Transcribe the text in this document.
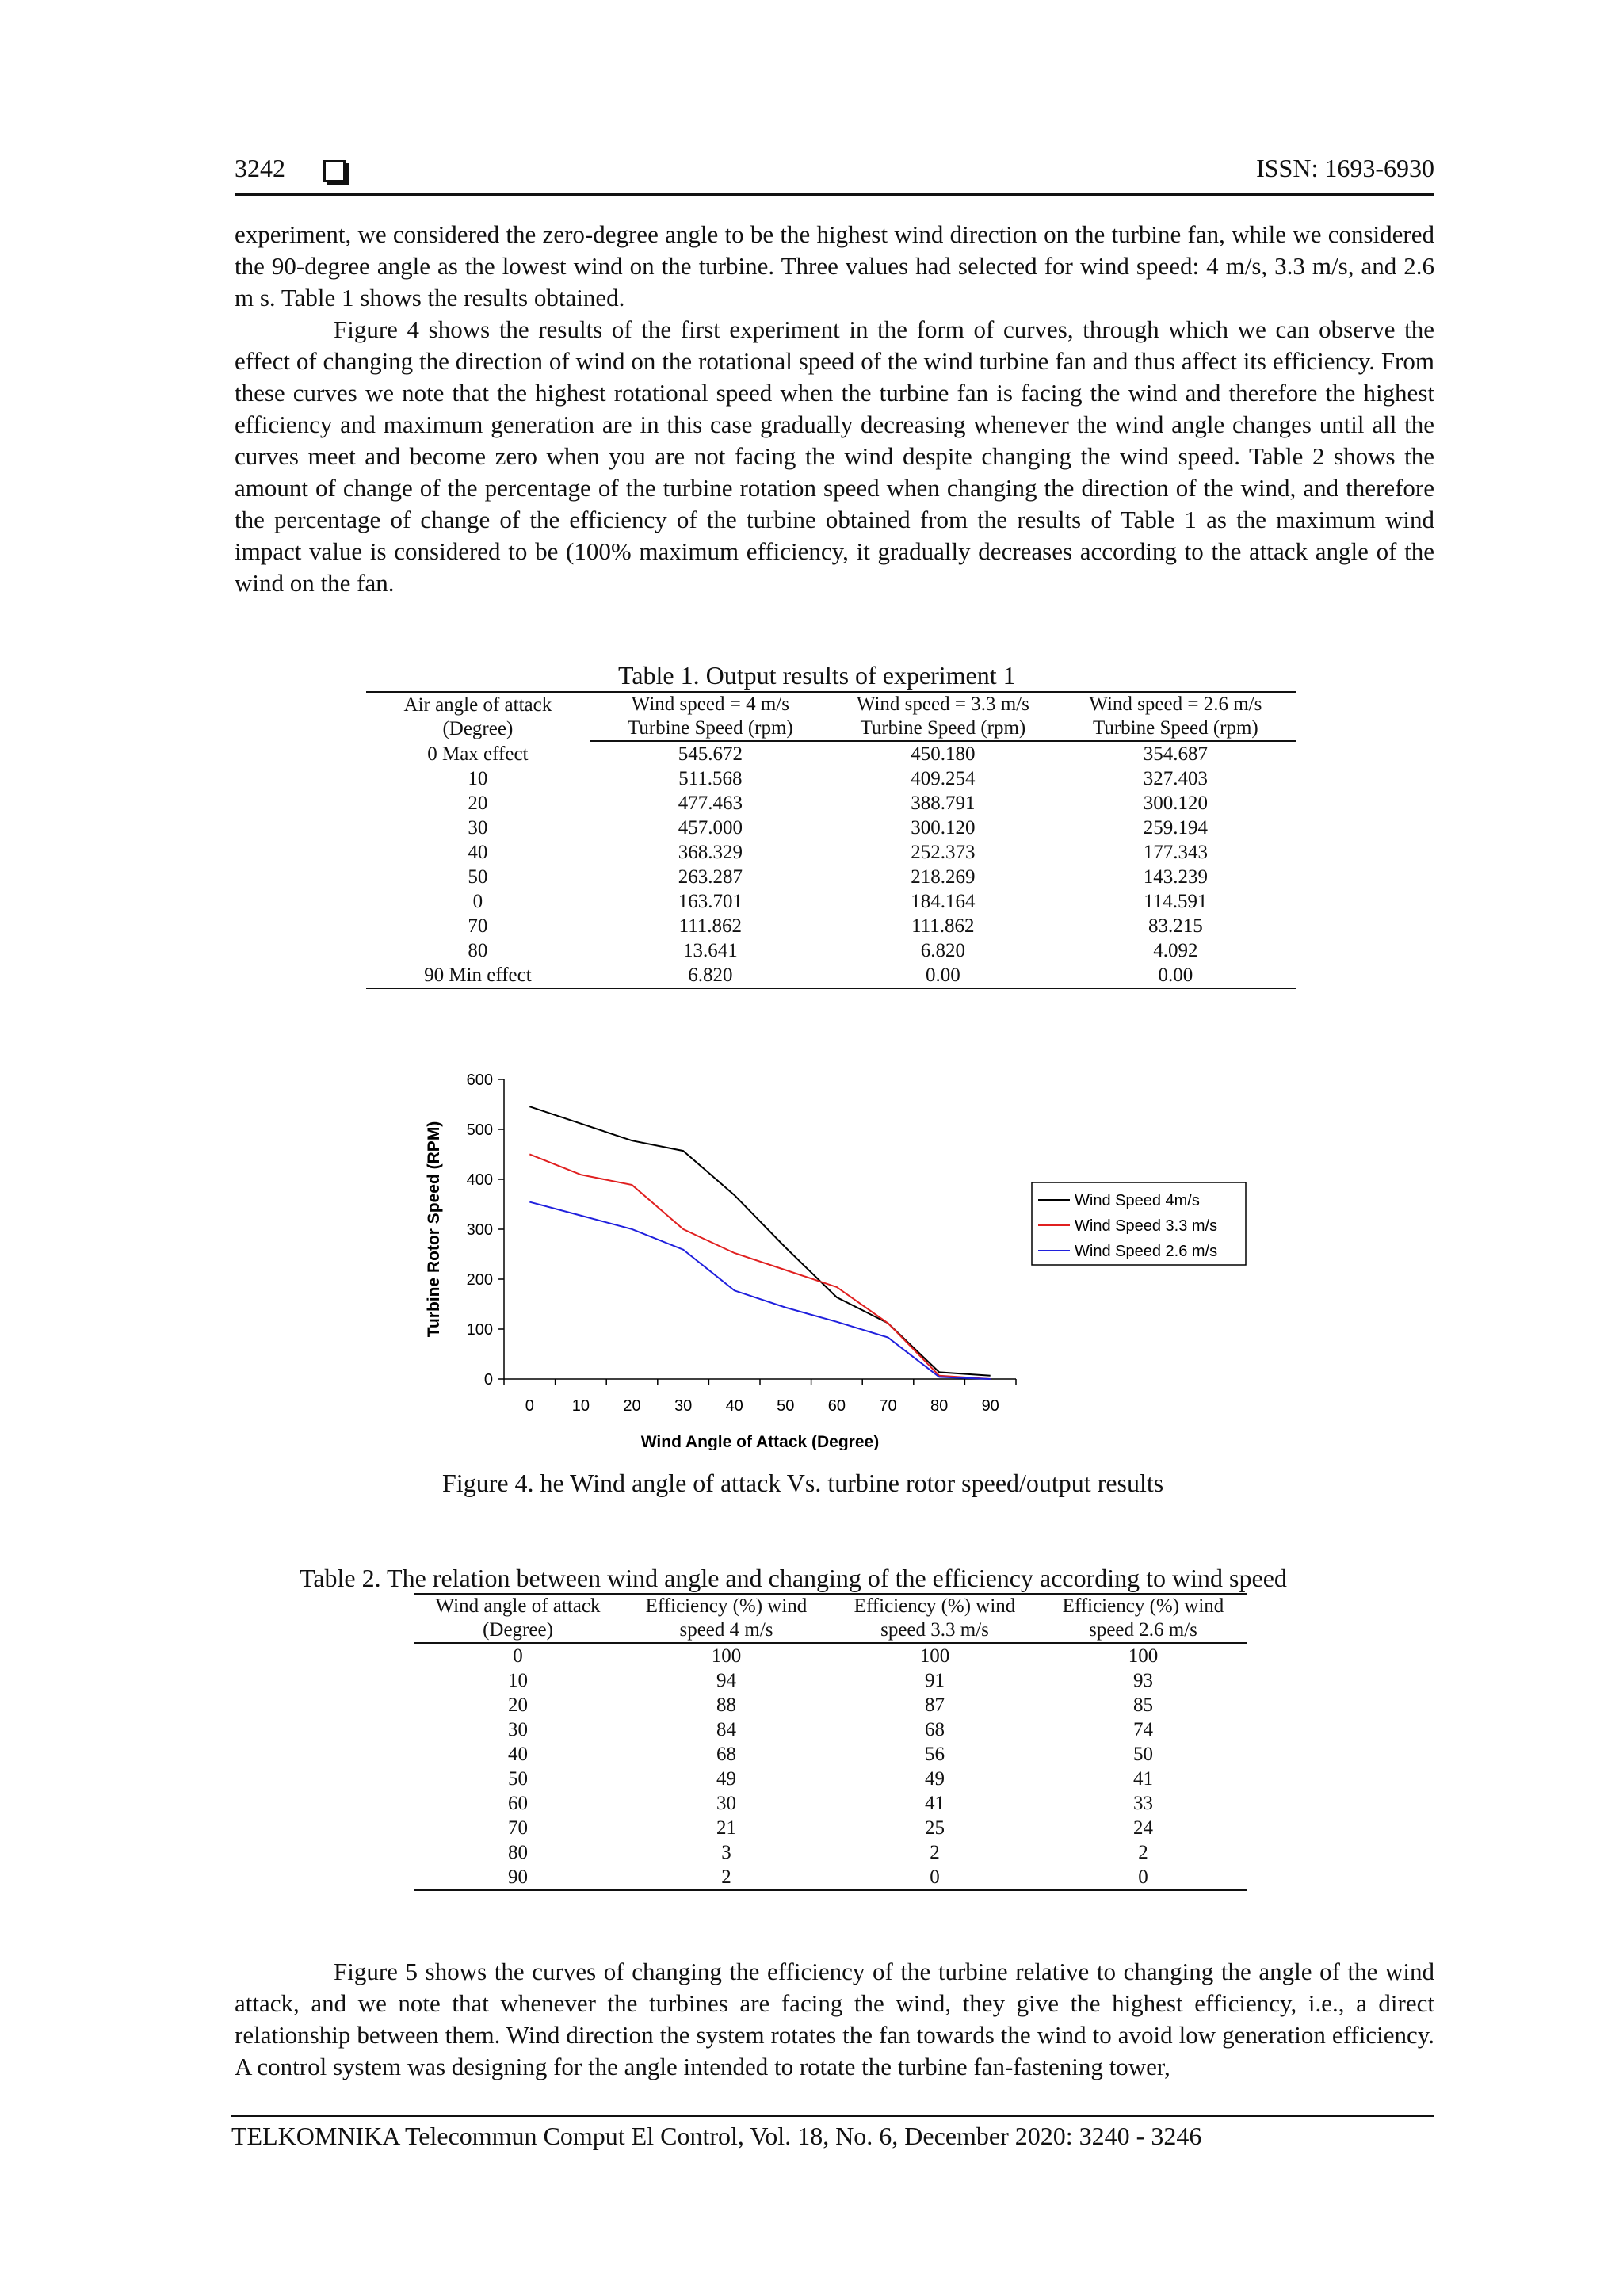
3242	ISSN: 1693-6930

experiment, we considered the zero-degree angle to be the highest wind direction on the turbine fan, while we considered the 90-degree angle as the lowest wind on the turbine. Three values had selected for wind speed: 4 m/s, 3.3 m/s, and 2.6 m s. Table 1 shows the results obtained.

Figure 4 shows the results of the first experiment in the form of curves, through which we can observe the effect of changing the direction of wind on the rotational speed of the wind turbine fan and thus affect its efficiency. From these curves we note that the highest rotational speed when the turbine fan is facing the wind and therefore the highest efficiency and maximum generation are in this case gradually decreasing whenever the wind angle changes until all the curves meet and become zero when you are not facing the wind despite changing the wind speed. Table 2 shows the amount of change of the percentage of the turbine rotation speed when changing the direction of the wind, and therefore the percentage of change of the efficiency of the turbine obtained from the results of Table 1 as the maximum wind impact value is considered to be (100% maximum efficiency, it gradually decreases according to the attack angle of the wind on the fan.

Table 1. Output results of experiment 1
Air angle of attack (Degree)	Wind speed = 4 m/s	Wind speed = 3.3 m/s	Wind speed = 2.6 m/s
	Turbine Speed (rpm)	Turbine Speed (rpm)	Turbine Speed (rpm)
0 Max effect	545.672	450.180	354.687
10	511.568	409.254	327.403
20	477.463	388.791	300.120
30	457.000	300.120	259.194
40	368.329	252.373	177.343
50	263.287	218.269	143.239
0	163.701	184.164	114.591
70	111.862	111.862	83.215
80	13.641	6.820	4.092
90 Min effect	6.820	0.00	0.00
0
100
200
300
400
500
600
0 10 20 30 40 50 60 70 80 90
Wind Angle of Attack (Degree)
Turbine Rotor Speed (RPM)	Wind Speed 4m/s
Wind Speed 3.3 m/s
Wind Speed 2.6 m/s
Figure 4. he Wind angle of attack Vs. turbine rotor speed/output results
Table 2. The relation between wind angle and changing of the efficiency according to wind speed
Wind angle of attack	Efficiency (%) wind	Efficiency (%) wind	Efficiency (%) wind
(Degree)	speed 4 m/s	speed 3.3 m/s	speed 2.6 m/s
0	100	100	100
10	94	91	93
20	88	87	85
30	84	68	74
40	68	56	50
50	49	49	41
60	30	41	33
70	21	25	24
80	3	2	2
90	2	0	0

Figure 5 shows the curves of changing the efficiency of the turbine relative to changing the angle of the wind attack, and we note that whenever the turbines are facing the wind, they give the highest efficiency, i.e., a direct relationship between them. Wind direction the system rotates the fan towards the wind to avoid low generation efficiency. A control system was designing for the angle intended to rotate the turbine fan-fastening tower,

TELKOMNIKA Telecommun Comput El Control, Vol. 18, No. 6, December 2020: 3240 - 3246
